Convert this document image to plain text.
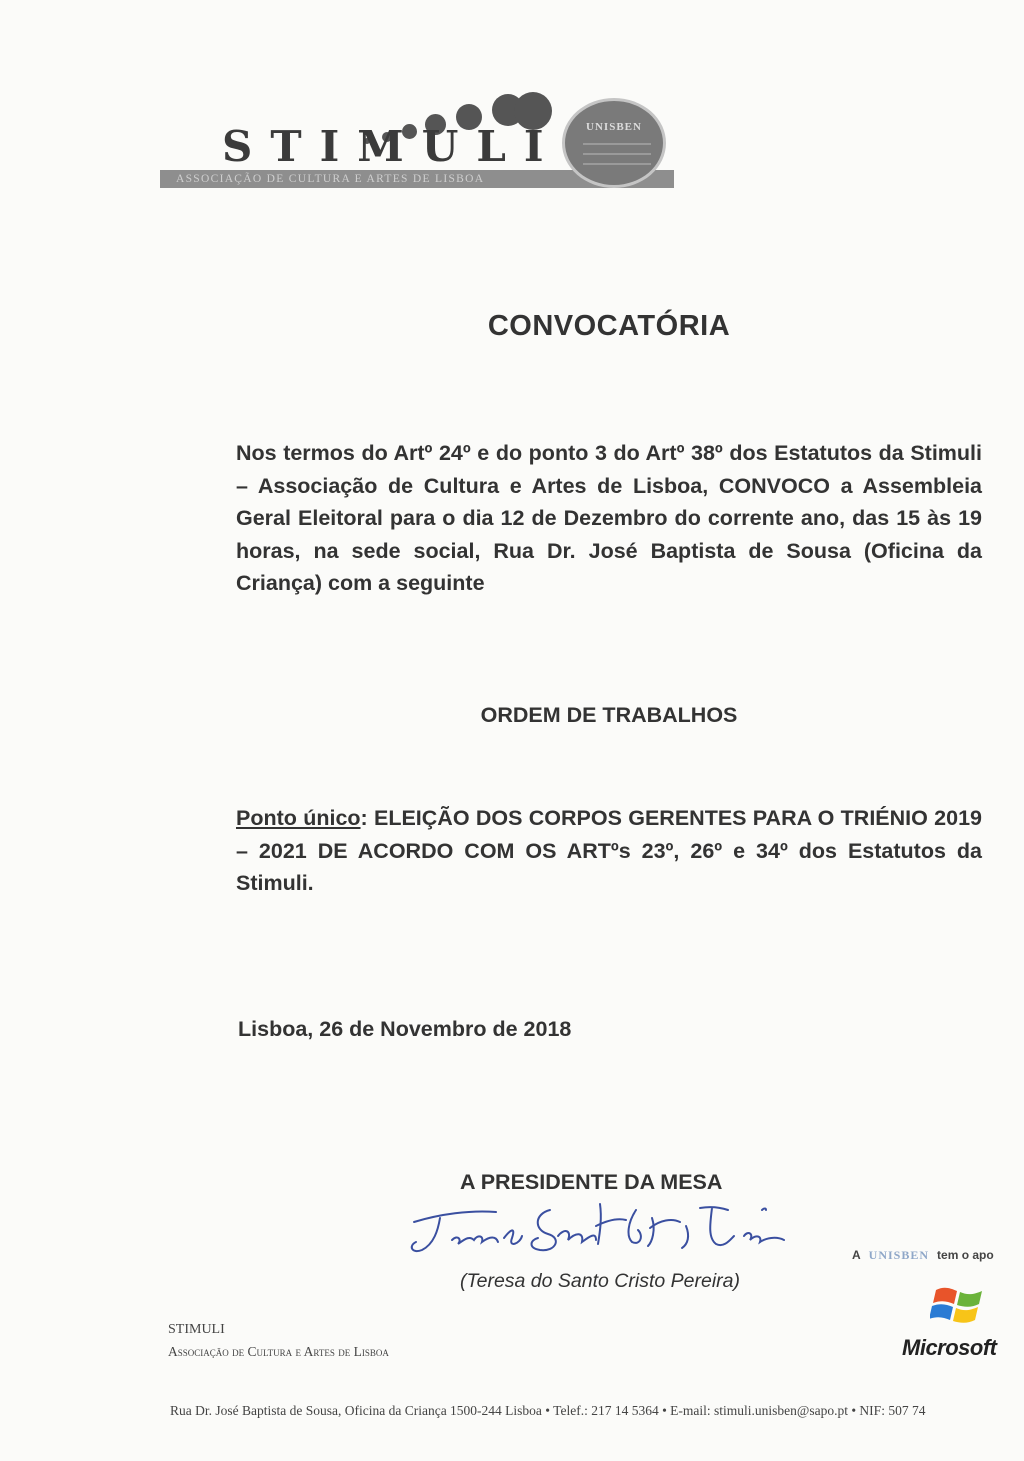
ASSOCIAÇÃO DE CULTURA E ARTES DE LISBOA
STIMULI	UNISBEN
CONVOCATÓRIA
Nos termos do Artº 24º e do ponto 3 do Artº 38º dos Estatutos da Stimuli – Associação de Cultura e Artes de Lisboa, CONVOCO a Assembleia Geral Eleitoral para o dia 12 de Dezembro do corrente ano, das 15 às 19 horas, na sede social, Rua Dr. José Baptista de Sousa (Oficina da Criança) com a seguinte
ORDEM DE TRABALHOS
Ponto único: ELEIÇÃO DOS CORPOS GERENTES PARA O TRIÉNIO 2019 – 2021 DE ACORDO COM OS ARTºs 23º, 26º e 34º dos Estatutos da Stimuli.
Lisboa, 26 de Novembro de 2018
A PRESIDENTE DA MESA
(Teresa do Santo Cristo Pereira)
A UNISBEN tem o apo
Microsoft
STIMULI
Associação de Cultura e Artes de Lisboa
Rua Dr. José Baptista de Sousa, Oficina da Criança 1500-244 Lisboa • Telef.: 217 14 5364 • E-mail: stimuli.unisben@sapo.pt • NIF: 507 74
